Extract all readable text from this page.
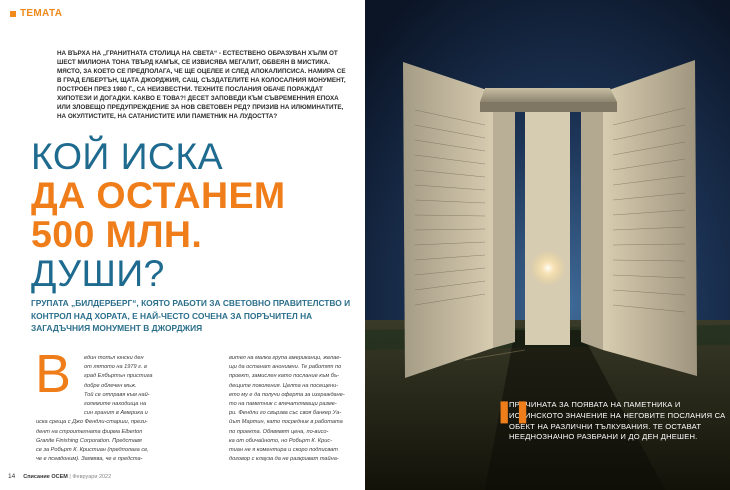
ТЕМАТА
НА ВЪРХА НА „ГРАНИТНАТА СТОЛИЦА НА СВЕТА“ - ЕСТЕСТВЕНО ОБРАЗУВАН ХЪЛМ ОТ ШЕСТ МИЛИОНА ТОНА ТВЪРД КАМЪК, СЕ ИЗВИСЯВА МЕГАЛИТ, ОБВЕЯН В МИСТИКА. МЯСТО, ЗА КОЕТО СЕ ПРЕДПОЛАГА, ЧЕ ЩЕ ОЦЕЛЕЕ И СЛЕД АПОКАЛИПСИСА. НАМИРА СЕ В ГРАД ЕЛБЕРТЪН, ЩАТА ДЖОРДЖИЯ, САЩ. СЪЗДАТЕЛИТЕ НА КОЛОСАЛНИЯ МОНУМЕНТ, ПОСТРОЕН ПРЕЗ 1980 Г., СА НЕИЗВЕСТНИ. ТЕХНИТЕ ПОСЛАНИЯ ОБАЧЕ ПОРАЖДАТ ХИПОТЕЗИ И ДОГАДКИ. КАКВО Е ТОВА?! ДЕСЕТ ЗАПОВЕДИ КЪМ СЪВРЕМЕННИЯ ЕПОХА ИЛИ ЗЛОВЕЩО ПРЕДУПРЕЖДЕНИЕ ЗА НОВ СВЕТОВЕН РЕД? ПРИЗИВ НА ИЛЮМИНАТИТЕ, НА ОКУЛТИСТИТЕ, НА САТАНИСТИТЕ ИЛИ ПАМЕТНИК НА ЛУДОСТТА?
КОЙ ИСКА
ДА ОСТАНЕМ
500 МЛН.
ДУШИ?
ГРУПАТА „БИЛДЕРБЕРГ“, КОЯТО РАБОТИ ЗА СВЕТОВНО ПРАВИТЕЛСТВО И КОНТРОЛ НАД ХОРАТА, Е НАЙ-ЧЕСТО СОЧЕНА ЗА ПОРЪЧИТЕЛ НА ЗАГАДЪЧНИЯ МОНУМЕНТ В ДЖОРДЖИЯ
В един топъл юнски ден
от лятото на 1979 г. в
град Елбъртън пристига
добре облечен мъж.
Той се отправя към най-
големите находища на
син гранит в Америка и
иска среща с Джо Фендли-старши, прези-
дент на строителната фирма Elberton
Granite Finishing Corporation. Представя
се за Робърт К. Кристиан (предполага се,
че е псевдоним). Заявява, че е предста-
вител на малка група американци, желае-
щи да останат анонимни. Те работят по
проект, замислен като послание към бъ-
дещите поколения. Целта на посещени-
ето му е да получи оферта за изграждане-
то на паметник с впечатляващи разме-
ри. Фендли го свързва със своя банкер Уа-
йът Мартин, като посредник в работата
по проекта. Обявявят цена, по-висо-
ка от обичайното, но Робърт К. Крис-
тиан не я коментира и скоро подписват
договор с клауза да не разкриват тайна-
14 Списание ОСЕМ | Февруари 2022
❚❚
ПРИЧИНАТА ЗА ПОЯВАТА НА ПАМЕТНИКА И ИСТИНСКОТО ЗНАЧЕНИЕ НА НЕГОВИТЕ ПОСЛАНИЯ СА ОБЕКТ НА РАЗЛИЧНИ ТЪЛКУВАНИЯ. ТЕ ОСТАВАТ НЕЕДНОЗНАЧНО РАЗБРАНИ И ДО ДЕН ДНЕШЕН.
